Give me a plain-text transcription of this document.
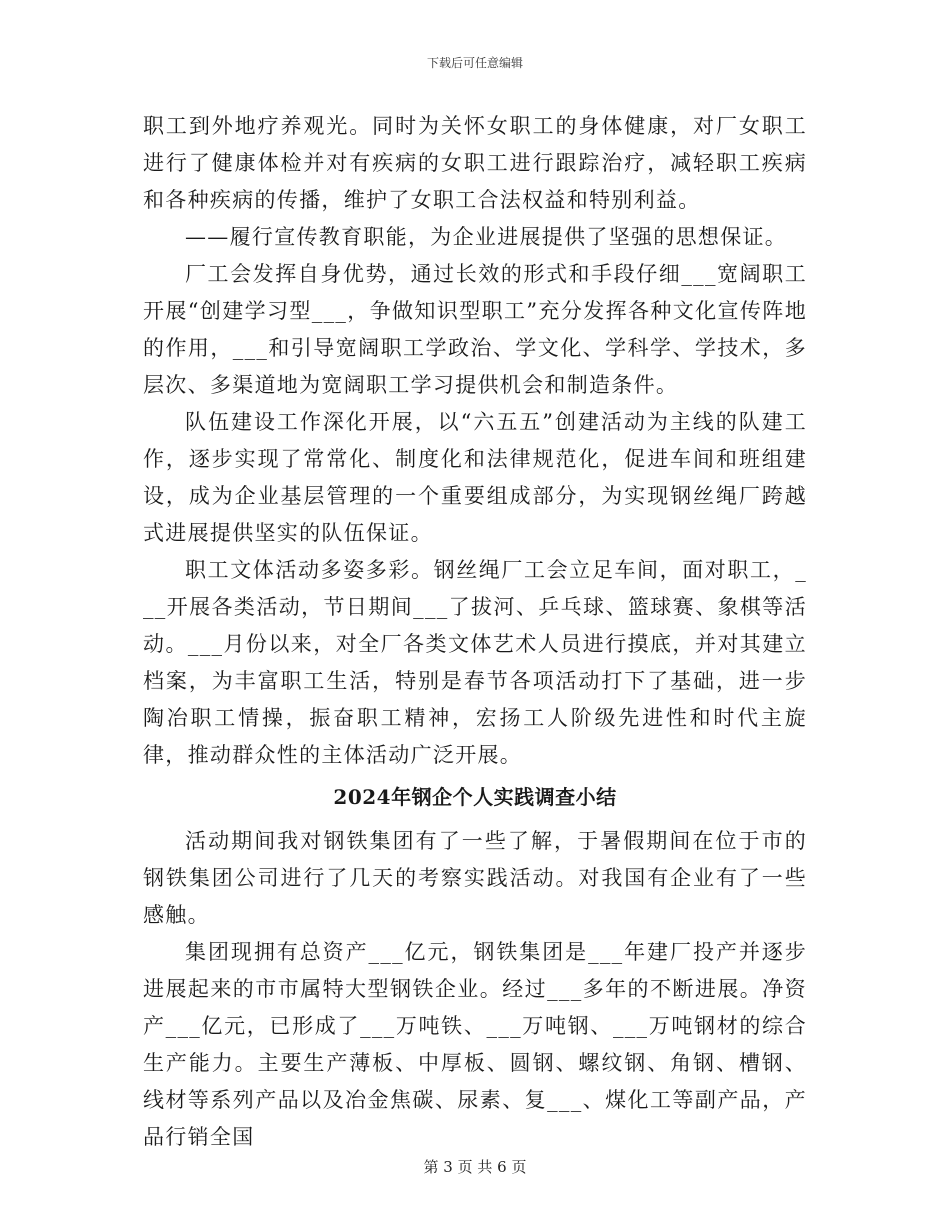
下载后可任意编辑

职工到外地疗养观光。同时为关怀女职工的身体健康，对厂女职工进行了健康体检并对有疾病的女职工进行跟踪治疗，减轻职工疾病和各种疾病的传播，维护了女职工合法权益和特别利益。

——履行宣传教育职能，为企业进展提供了坚强的思想保证。

厂工会发挥自身优势，通过长效的形式和手段仔细___宽阔职工开展“创建学习型___，争做知识型职工”充分发挥各种文化宣传阵地的作用，___和引导宽阔职工学政治、学文化、学科学、学技术，多层次、多渠道地为宽阔职工学习提供机会和制造条件。

队伍建设工作深化开展，以“六五五”创建活动为主线的队建工作，逐步实现了常常化、制度化和法律规范化，促进车间和班组建设，成为企业基层管理的一个重要组成部分，为实现钢丝绳厂跨越式进展提供坚实的队伍保证。

职工文体活动多姿多彩。钢丝绳厂工会立足车间，面对职工，___开展各类活动，节日期间___了拔河、乒乓球、篮球赛、象棋等活动。___月份以来，对全厂各类文体艺术人员进行摸底，并对其建立档案，为丰富职工生活，特别是春节各项活动打下了基础，进一步陶冶职工情操，振奋职工精神，宏扬工人阶级先进性和时代主旋律，推动群众性的主体活动广泛开展。

2024年钢企个人实践调查小结

活动期间我对钢铁集团有了一些了解，于暑假期间在位于市的钢铁集团公司进行了几天的考察实践活动。对我国有企业有了一些感触。

集团现拥有总资产___亿元，钢铁集团是___年建厂投产并逐步进展起来的市市属特大型钢铁企业。经过___多年的不断进展。净资产___亿元，已形成了___万吨铁、___万吨钢、___万吨钢材的综合生产能力。主要生产薄板、中厚板、圆钢、螺纹钢、角钢、槽钢、线材等系列产品以及冶金焦碳、尿素、复___、煤化工等副产品，产品行销全国

第 3 页 共 6 页
